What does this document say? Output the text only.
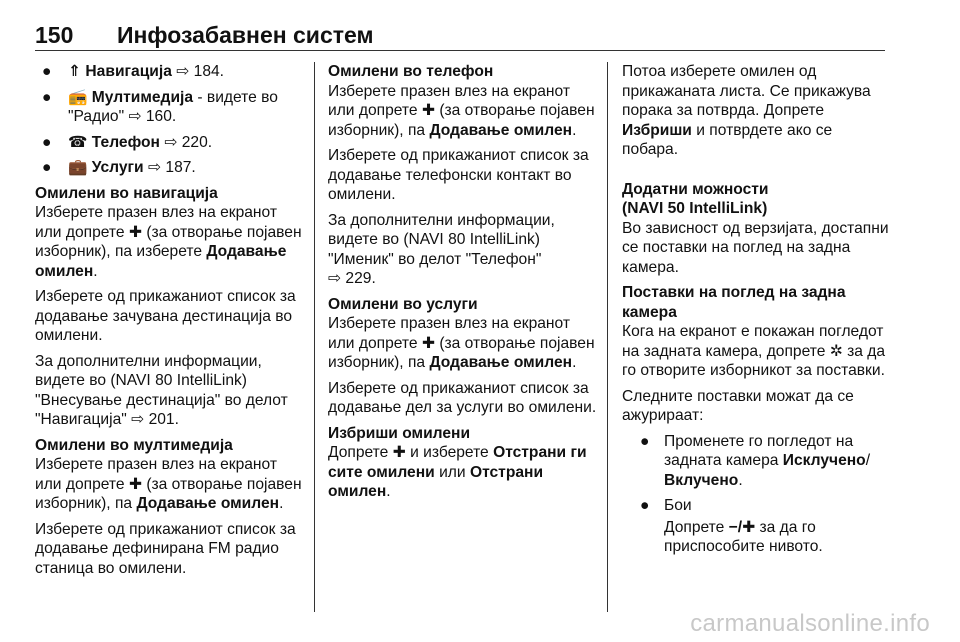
150 Инфозабавнен систем
● ⇑ Навигација ⇨ 184.
● 📻 Мултимедија - видете во
"Радио" ⇨ 160.
● ☎ Телефон ⇨ 220.
● 💼 Услуги ⇨ 187.

Омилени во навигација

Изберете празен влез на екранот или допрете ✚ (за отворање појавен изборник), па изберете Додавање омилен.

Изберете од прикажаниот список за додавање зачувана дестинација во омилени.

За дополнителни информации, видете во (NAVI 80 IntelliLink) "Внесување дестинација" во делот "Навигација" ⇨ 201.

Омилени во мултимедија

Изберете празен влез на екранот или допрете ✚ (за отворање појавен изборник), па Додавање омилен.

Изберете од прикажаниот список за додавање дефинирана FM радио станица во омилени.

Омилени во телефон

Изберете празен влез на екранот или допрете ✚ (за отворање појавен изборник), па Додавање омилен.

Изберете од прикажаниот список за додавање телефонски контакт во омилени.

За дополнителни информации, видете во (NAVI 80 IntelliLink) "Именик" во делот "Телефон"
⇨ 229.

Омилени во услуги

Изберете празен влез на екранот или допрете ✚ (за отворање појавен изборник), па Додавање омилен.

Изберете од прикажаниот список за додавање дел за услуги во омилени.

Избриши омилени

Допрете ✚ и изберете Отстрани ги сите омилени или Отстрани омилен.

Потоа изберете омилен од прикажаната листа. Се прикажува порака за потврда. Допрете Избриши и потврдете ако се побара.

Додатни можности

(NAVI 50 IntelliLink)

Во зависност од верзијата, достапни се поставки на поглед на задна камера.

Поставки на поглед на задна камера

Кога на екранот е покажан погледот на задната камера, допрете ✲ за да го отворите изборникот за поставки.

Следните поставки можат да се ажурираат:

● Променете го погледот на задната камера Исклучено/
Вклучено.
● Бои

Допрете −/✚ за да го приспособите нивото.

carmanualsonline.info
